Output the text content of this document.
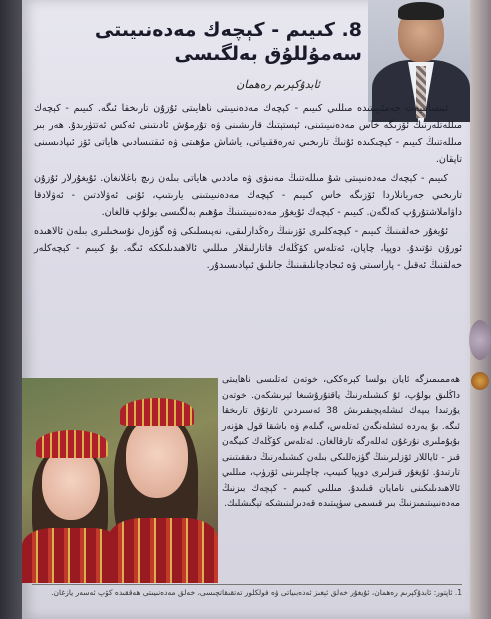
8. كىيىم - كېچەك مەدەنىيىتى
سەمۇللۇق بەلگىسى
ئابدۇكېرىم رەھمان

ئىنسانىيەت جەمئىيىتىدە مىللىي كىيىم - كېچەك مەدەنىيىتى ناھايىتى ئۇزۇن تارىخقا ئىگە. كىيىم - كېچەك مىللەتلەرنىڭ ئۆزىگە خاس مەدەنىيىتىنى، ئېستېتىك قارىشىنى ۋە تۇرمۇش ئادىتىنى ئەكس ئەتتۈرىدۇ. ھەر بىر مىللەتنىڭ كىيىم - كېچىكىدە ئۇنىڭ تارىخىي تەرەققىياتى، ياشاش مۇھىتى ۋە ئىقتىسادىي ھاياتى ئۆز ئىپادىسىنى تاپقان.

كىيىم - كېچەك مەدەنىيىتى شۇ مىللەتنىڭ مەنىۋى ۋە ماددىي ھاياتى بىلەن زىچ باغلانغان. ئۇيغۇرلار ئۇزۇن تارىخىي جەريانلاردا ئۆزىگە خاس كىيىم - كېچەك مەدەنىيىتىنى يارىتىپ، ئۇنى ئەۋلادتىن - ئەۋلادقا داۋاملاشتۇرۇپ كەلگەن. كىيىم - كېچەك ئۇيغۇر مەدەنىيىتىنىڭ مۇھىم بەلگىسى بولۇپ قالغان.

ئۇيغۇر خەلقىنىڭ كىيىم - كېچەكلىرى ئۆزىنىڭ رەڭدارلىقى، نەپىسلىكى ۋە گۈزەل نۇسخىلىرى بىلەن ئالاھىدە ئورۇن تۇتىدۇ. دوپپا، چاپان، ئەتلەس كۆڭلەك قاتارلىقلار مىللىي ئالاھىدىلىككە ئىگە. بۇ كىيىم - كېچەكلەر خەلقنىڭ ئەقىل - پاراسىتى ۋە ئىجادچانلىقىنىڭ جانلىق ئىپادىسىدۇر.

ھەممىمىزگە ئايان بولسا كېرەككى، خوتەن ئەتلىسى ناھايىتى داڭلىق بولۇپ، ئۇ كىشىلەرنىڭ ياقتۇرۇشىغا ئېرىشكەن. خوتەن يۇرتىدا يىپەك ئىشلەپچىقىرىش 38 ئەسىردىن ئارتۇق تارىخقا ئىگە. بۇ يەردە ئىشلەنگەن ئەتلەس، گىلەم ۋە باشقا قول ھۈنەر بۇيۇملىرى نۇرغۇن ئەللەرگە تارقالغان. ئەتلەس كۆڭلەك كىيگەن قىز - ئاياللار ئۆزلىرىنىڭ گۈزەللىكى بىلەن كىشىلەرنىڭ دىققىتىنى تارتىدۇ. ئۇيغۇر قىزلىرى دوپپا كىيىپ، چاچلىرىنى ئۆرۈپ، مىللىي ئالاھىدىلىكىنى نامايان قىلىدۇ. مىللىي كىيىم - كېچەك بىزنىڭ مەدەنىيىتىمىزنىڭ بىر قىسمى سۈپىتىدە قەدىرلىنىشكە تېگىشلىك.
1. ئاپتور: ئابدۇكېرىم رەھمان، ئۇيغۇر خەلق ئېغىز ئەدەبىياتى ۋە فولكلور تەتقىقاتچىسى، خەلق مەدەنىيىتى ھەققىدە كۆپ ئەسەر يازغان.
